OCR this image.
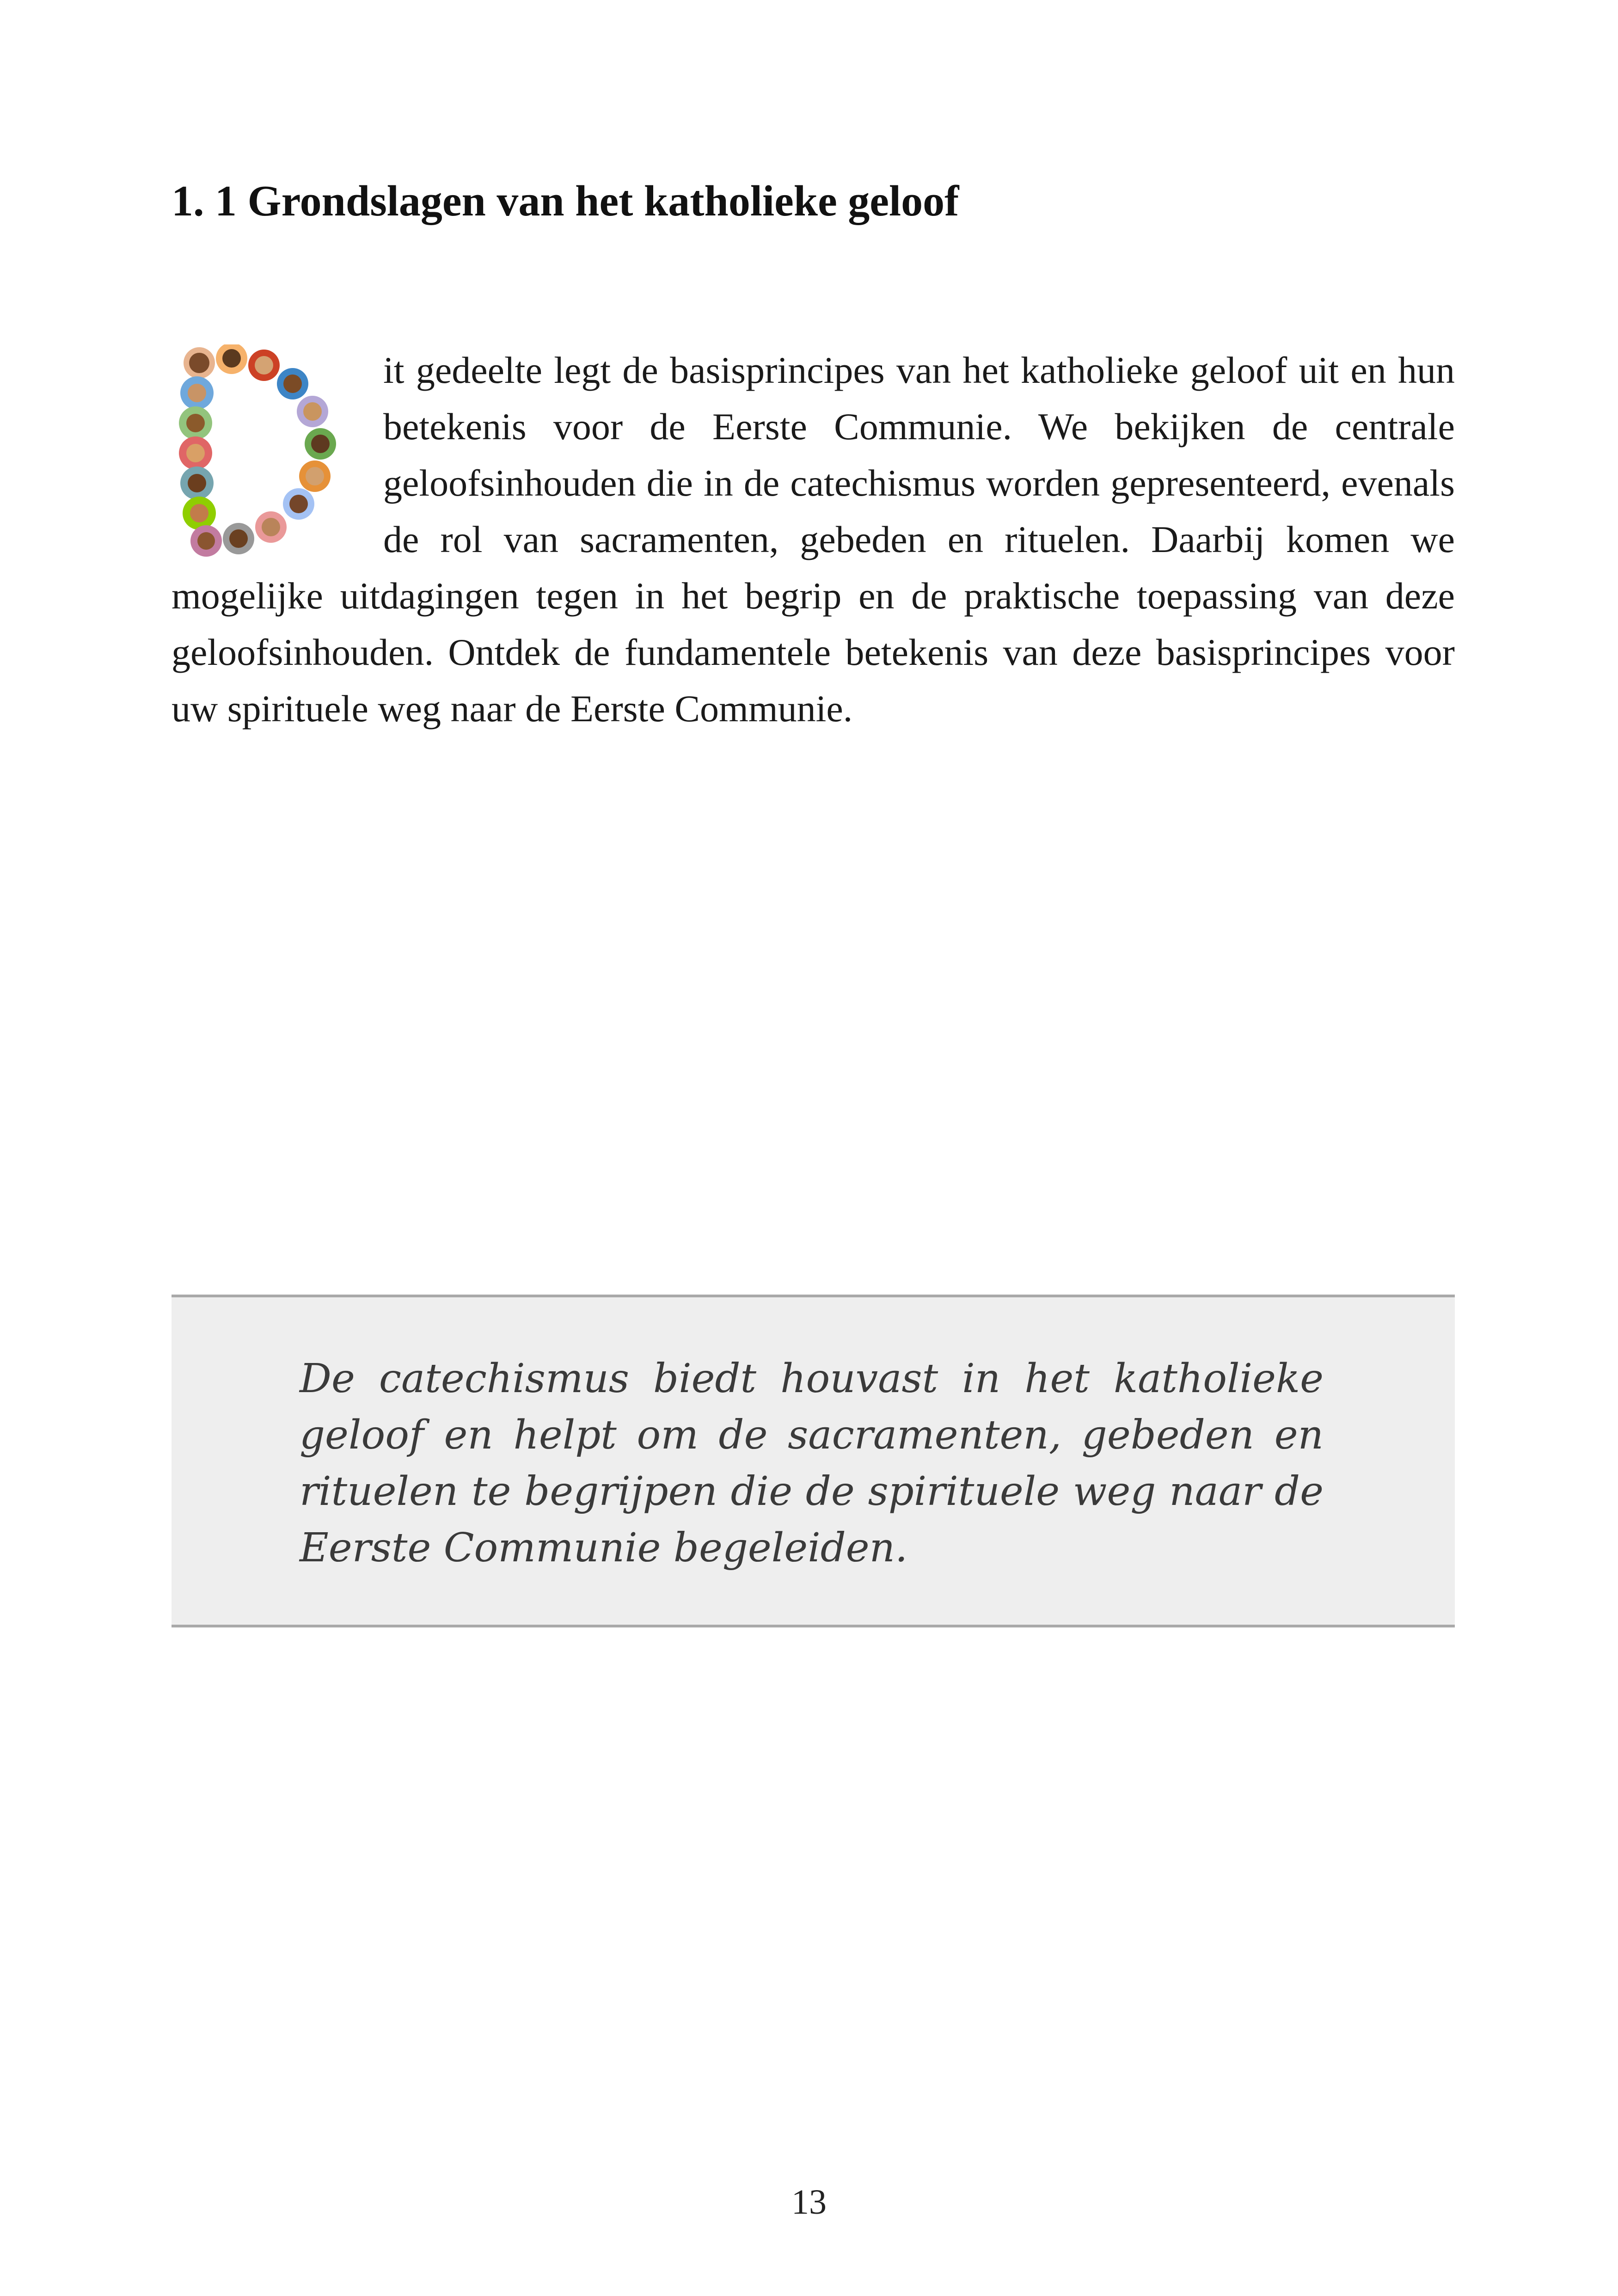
1. 1 Grondslagen van het katholieke geloof

it gedeelte legt de basisprincipes van het katholieke geloof uit en hun betekenis voor de Eerste Communie. We bekijken de centrale geloofsinhouden die in de catechismus worden gepresenteerd, evenals de rol van sacramenten, gebeden en rituelen. Daarbij komen we mogelijke uitdagingen tegen in het begrip en de praktische toepassing van deze geloofsinhouden. Ontdek de fundamentele betekenis van deze basisprincipes voor uw spirituele weg naar de Eerste Communie.

De catechismus biedt houvast in het katholieke geloof en helpt om de sacramenten, gebeden en rituelen te begrijpen die de spirituele weg naar de Eerste Communie begeleiden.

13
